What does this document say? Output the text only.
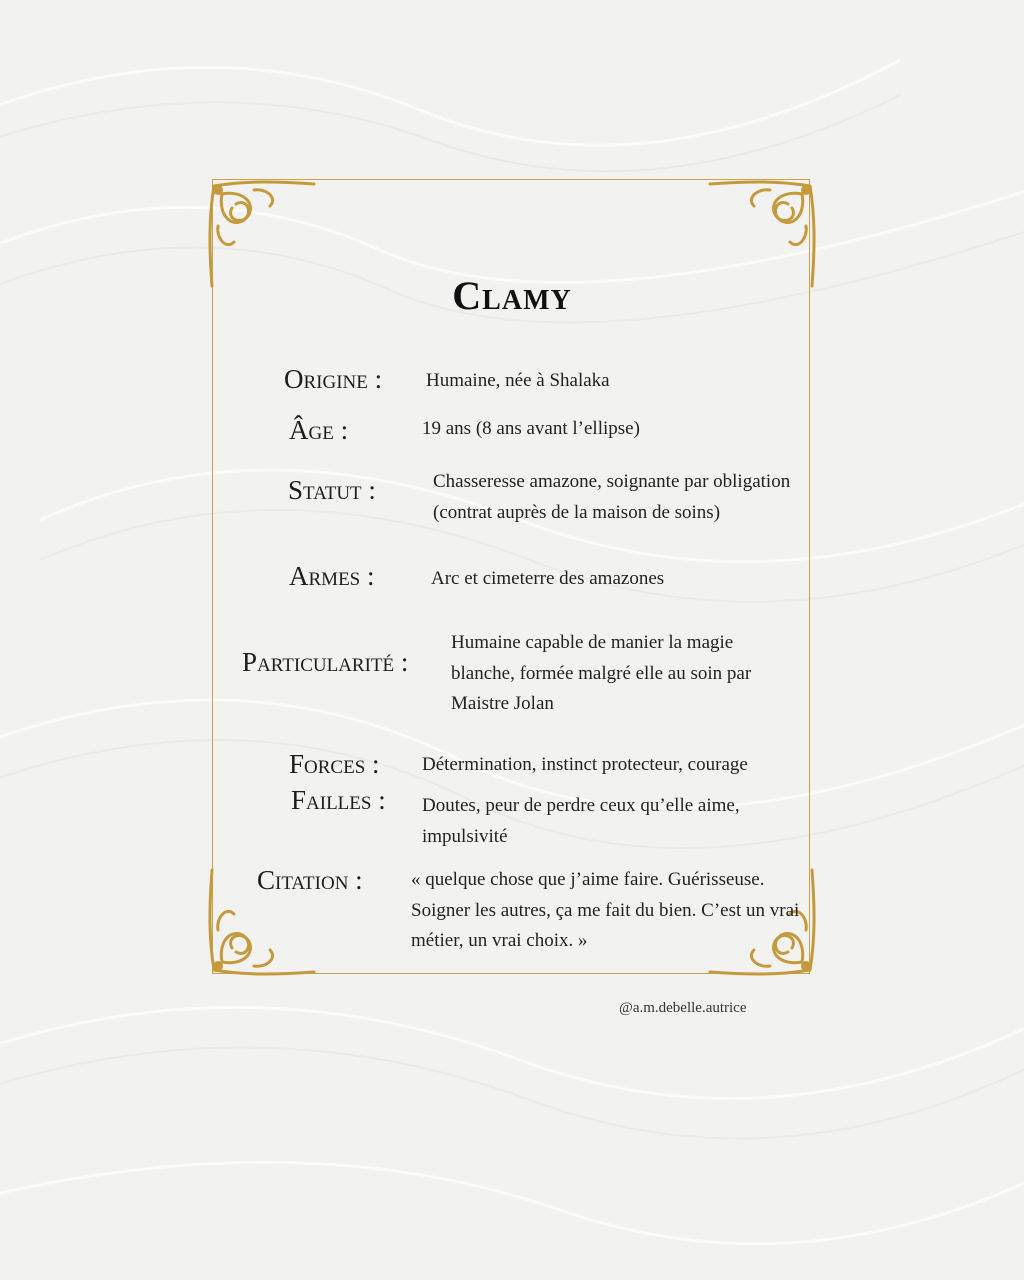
Clamy
Origine : Humaine, née à Shalaka
Âge :	19 ans (8 ans avant l’ellipse)
Statut :	Chasseresse amazone, soignante par obligation (contrat auprès de la maison de soins)
Armes :	Arc et cimeterre des amazones
Particularité :
Humaine capable de manier la magie blanche, formée malgré elle au soin par Maistre Jolan
Forces : Détermination, instinct protecteur, courage
Failles : Doutes, peur de perdre ceux qu’elle aime, impulsivité
Citation :	« quelque chose que j’aime faire. Guérisseuse. Soigner les autres, ça me fait du bien. C’est un vrai métier, un vrai choix. »
@a.m.debelle.autrice
